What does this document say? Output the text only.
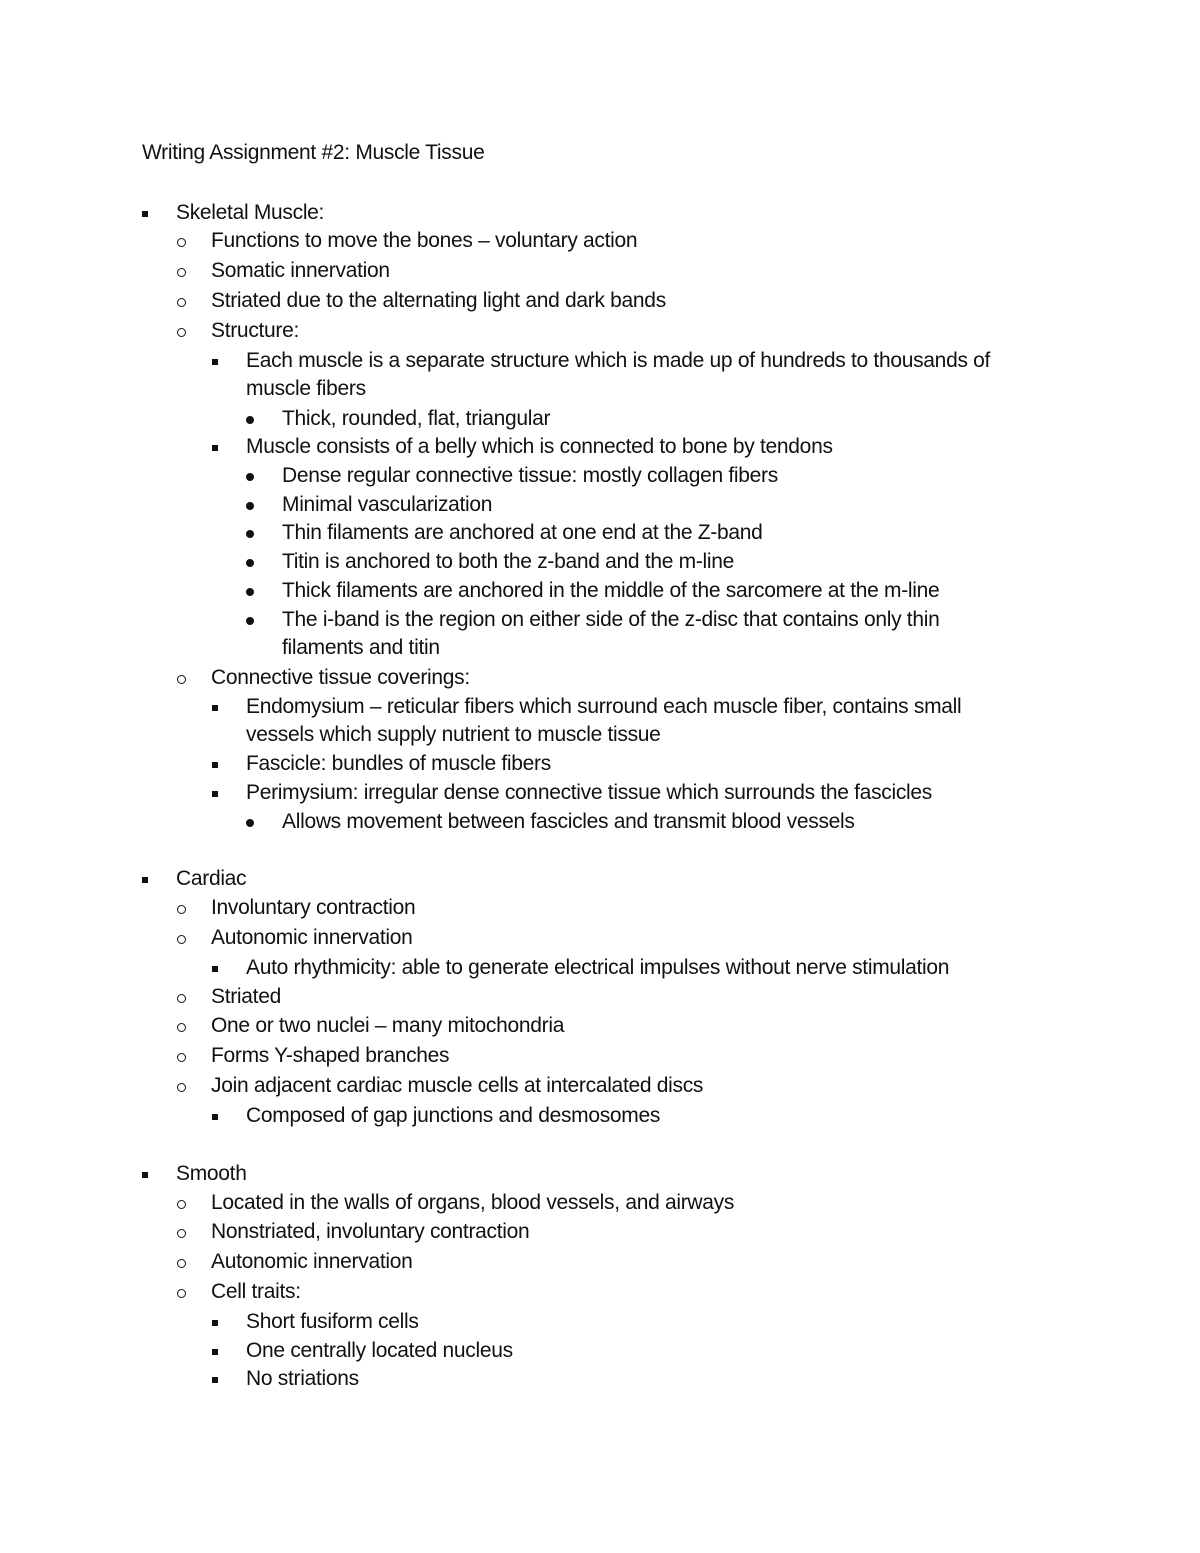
Writing Assignment #2: Muscle Tissue
Skeletal Muscle:
Functions to move the bones – voluntary action
Somatic innervation
Striated due to the alternating light and dark bands
Structure:
Each muscle is a separate structure which is made up of hundreds to thousands of
muscle fibers
Thick, rounded, flat, triangular
Muscle consists of a belly which is connected to bone by tendons
Dense regular connective tissue: mostly collagen fibers
Minimal vascularization
Thin filaments are anchored at one end at the Z-band
Titin is anchored to both the z-band and the m-line
Thick filaments are anchored in the middle of the sarcomere at the m-line
The i-band is the region on either side of the z-disc that contains only thin
filaments and titin
Connective tissue coverings:
Endomysium – reticular fibers which surround each muscle fiber, contains small
vessels which supply nutrient to muscle tissue
Fascicle: bundles of muscle fibers
Perimysium: irregular dense connective tissue which surrounds the fascicles
Allows movement between fascicles and transmit blood vessels
Cardiac
Involuntary contraction
Autonomic innervation
Auto rhythmicity: able to generate electrical impulses without nerve stimulation
Striated
One or two nuclei – many mitochondria
Forms Y-shaped branches
Join adjacent cardiac muscle cells at intercalated discs
Composed of gap junctions and desmosomes
Smooth
Located in the walls of organs, blood vessels, and airways
Nonstriated, involuntary contraction
Autonomic innervation
Cell traits:
Short fusiform cells
One centrally located nucleus
No striations
